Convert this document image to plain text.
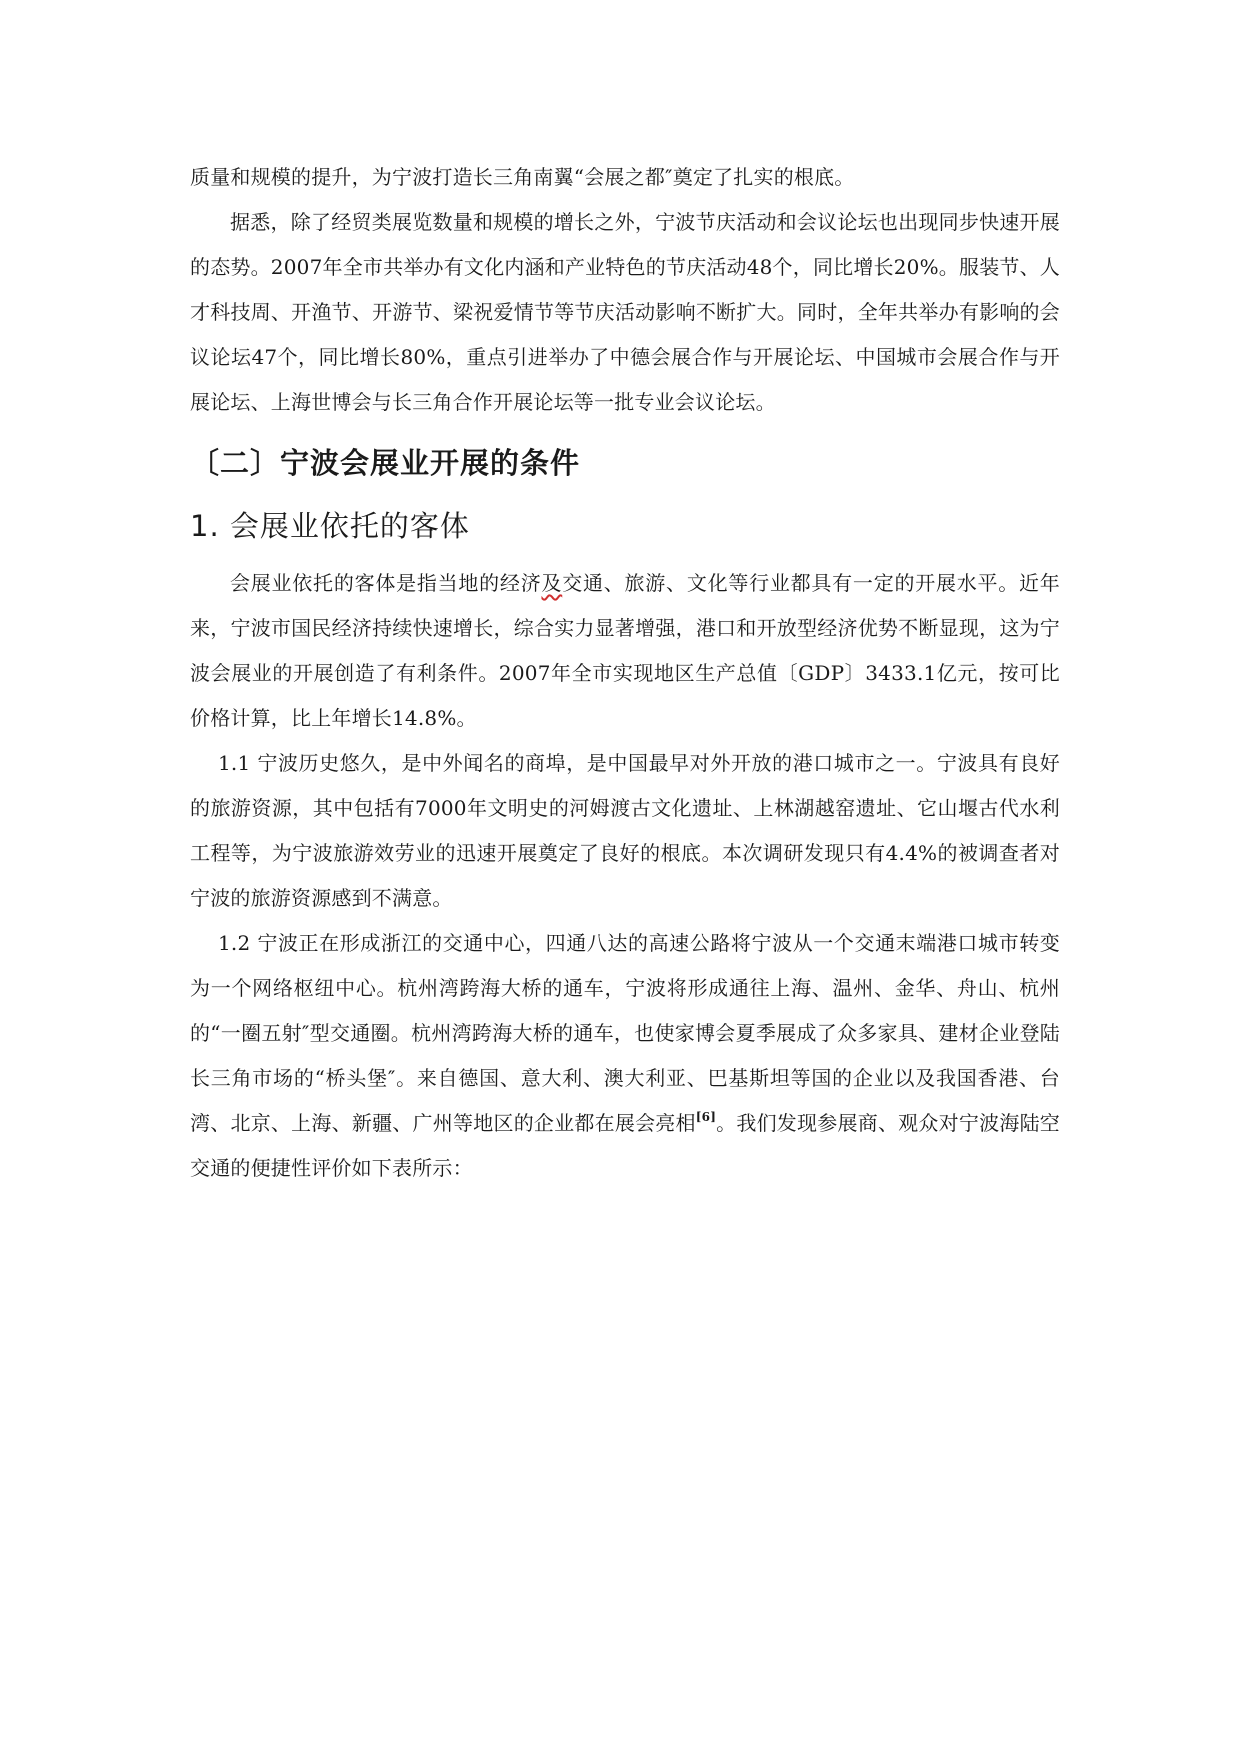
质量和规模的提升，为宁波打造长三角南翼“会展之都″奠定了扎实的根底。

据悉，除了经贸类展览数量和规模的增长之外，宁波节庆活动和会议论坛也出现同步快速开展的态势。2007年全市共举办有文化内涵和产业特色的节庆活动48个，同比增长20%。服装节、人才科技周、开渔节、开游节、梁祝爱情节等节庆活动影响不断扩大。同时，全年共举办有影响的会议论坛47个，同比增长80%，重点引进举办了中德会展合作与开展论坛、中国城市会展合作与开展论坛、上海世博会与长三角合作开展论坛等一批专业会议论坛。

〔二〕宁波会展业开展的条件
1. 会展业依托的客体

会展业依托的客体是指当地的经济及交通、旅游、文化等行业都具有一定的开展水平。近年来，宁波市国民经济持续快速增长，综合实力显著增强，港口和开放型经济优势不断显现，这为宁波会展业的开展创造了有利条件。2007年全市实现地区生产总值〔GDP〕3433.1亿元，按可比价格计算，比上年增长14.8%。

1.1 宁波历史悠久，是中外闻名的商埠，是中国最早对外开放的港口城市之一。宁波具有良好的旅游资源，其中包括有7000年文明史的河姆渡古文化遗址、上林湖越窑遗址、它山堰古代水利工程等，为宁波旅游效劳业的迅速开展奠定了良好的根底。本次调研发现只有4.4%的被调查者对宁波的旅游资源感到不满意。

1.2 宁波正在形成浙江的交通中心，四通八达的高速公路将宁波从一个交通末端港口城市转变为一个网络枢纽中心。杭州湾跨海大桥的通车，宁波将形成通往上海、温州、金华、舟山、杭州的“一圈五射″型交通圈。杭州湾跨海大桥的通车，也使家博会夏季展成了众多家具、建材企业登陆长三角市场的“桥头堡″。来自德国、意大利、澳大利亚、巴基斯坦等国的企业以及我国香港、台湾、北京、上海、新疆、广州等地区的企业都在展会亮相[6]。我们发现参展商、观众对宁波海陆空交通的便捷性评价如下表所示：
